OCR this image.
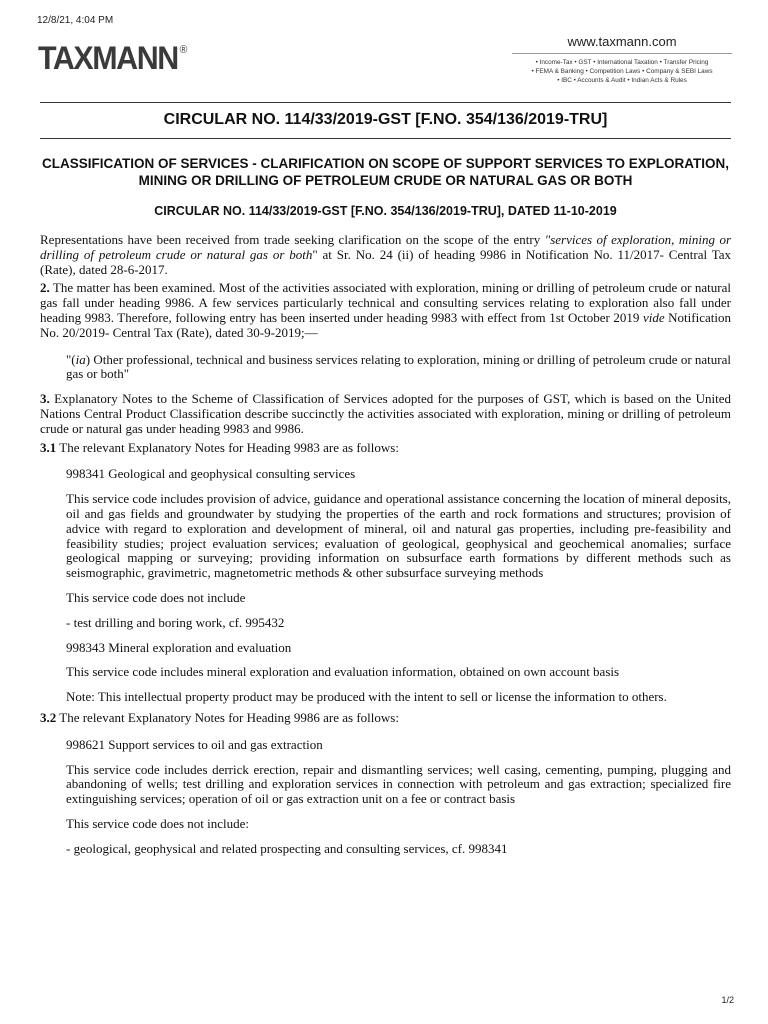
12/8/21, 4:04 PM
TAXMANN ®
www.taxmann.com
• Income-Tax • GST • International Taxation • Transfer Pricing
• FEMA & Banking • Competition Laws • Company & SEBI Laws
• IBC • Accounts & Audit • Indian Acts & Rules
CIRCULAR NO. 114/33/2019-GST [F.NO. 354/136/2019-TRU]
CLASSIFICATION OF SERVICES - CLARIFICATION ON SCOPE OF SUPPORT SERVICES TO EXPLORATION, MINING OR DRILLING OF PETROLEUM CRUDE OR NATURAL GAS OR BOTH
CIRCULAR NO. 114/33/2019-GST [F.NO. 354/136/2019-TRU], DATED 11-10-2019

Representations have been received from trade seeking clarification on the scope of the entry "services of exploration, mining or drilling of petroleum crude or natural gas or both" at Sr. No. 24 (ii) of heading 9986 in Notification No. 11/2017- Central Tax (Rate), dated 28-6-2017.

2. The matter has been examined. Most of the activities associated with exploration, mining or drilling of petroleum crude or natural gas fall under heading 9986. A few services particularly technical and consulting services relating to exploration also fall under heading 9983. Therefore, following entry has been inserted under heading 9983 with effect from 1st October 2019 vide Notification No. 20/2019- Central Tax (Rate), dated 30-9-2019;—

"(ia) Other professional, technical and business services relating to exploration, mining or drilling of petroleum crude or natural gas or both"

3. Explanatory Notes to the Scheme of Classification of Services adopted for the purposes of GST, which is based on the United Nations Central Product Classification describe succinctly the activities associated with exploration, mining or drilling of petroleum crude or natural gas under heading 9983 and 9986.

3.1 The relevant Explanatory Notes for Heading 9983 are as follows:

998341 Geological and geophysical consulting services

This service code includes provision of advice, guidance and operational assistance concerning the location of mineral deposits, oil and gas fields and groundwater by studying the properties of the earth and rock formations and structures; provision of advice with regard to exploration and development of mineral, oil and natural gas properties, including pre-feasibility and feasibility studies; project evaluation services; evaluation of geological, geophysical and geochemical anomalies; surface geological mapping or surveying; providing information on subsurface earth formations by different methods such as seismographic, gravimetric, magnetometric methods & other subsurface surveying methods

This service code does not include

- test drilling and boring work, cf. 995432

998343 Mineral exploration and evaluation

This service code includes mineral exploration and evaluation information, obtained on own account basis

Note: This intellectual property product may be produced with the intent to sell or license the information to others.

3.2 The relevant Explanatory Notes for Heading 9986 are as follows:

998621 Support services to oil and gas extraction

This service code includes derrick erection, repair and dismantling services; well casing, cementing, pumping, plugging and abandoning of wells; test drilling and exploration services in connection with petroleum and gas extraction; specialized fire extinguishing services; operation of oil or gas extraction unit on a fee or contract basis

This service code does not include:

- geological, geophysical and related prospecting and consulting services, cf. 998341

1/2
